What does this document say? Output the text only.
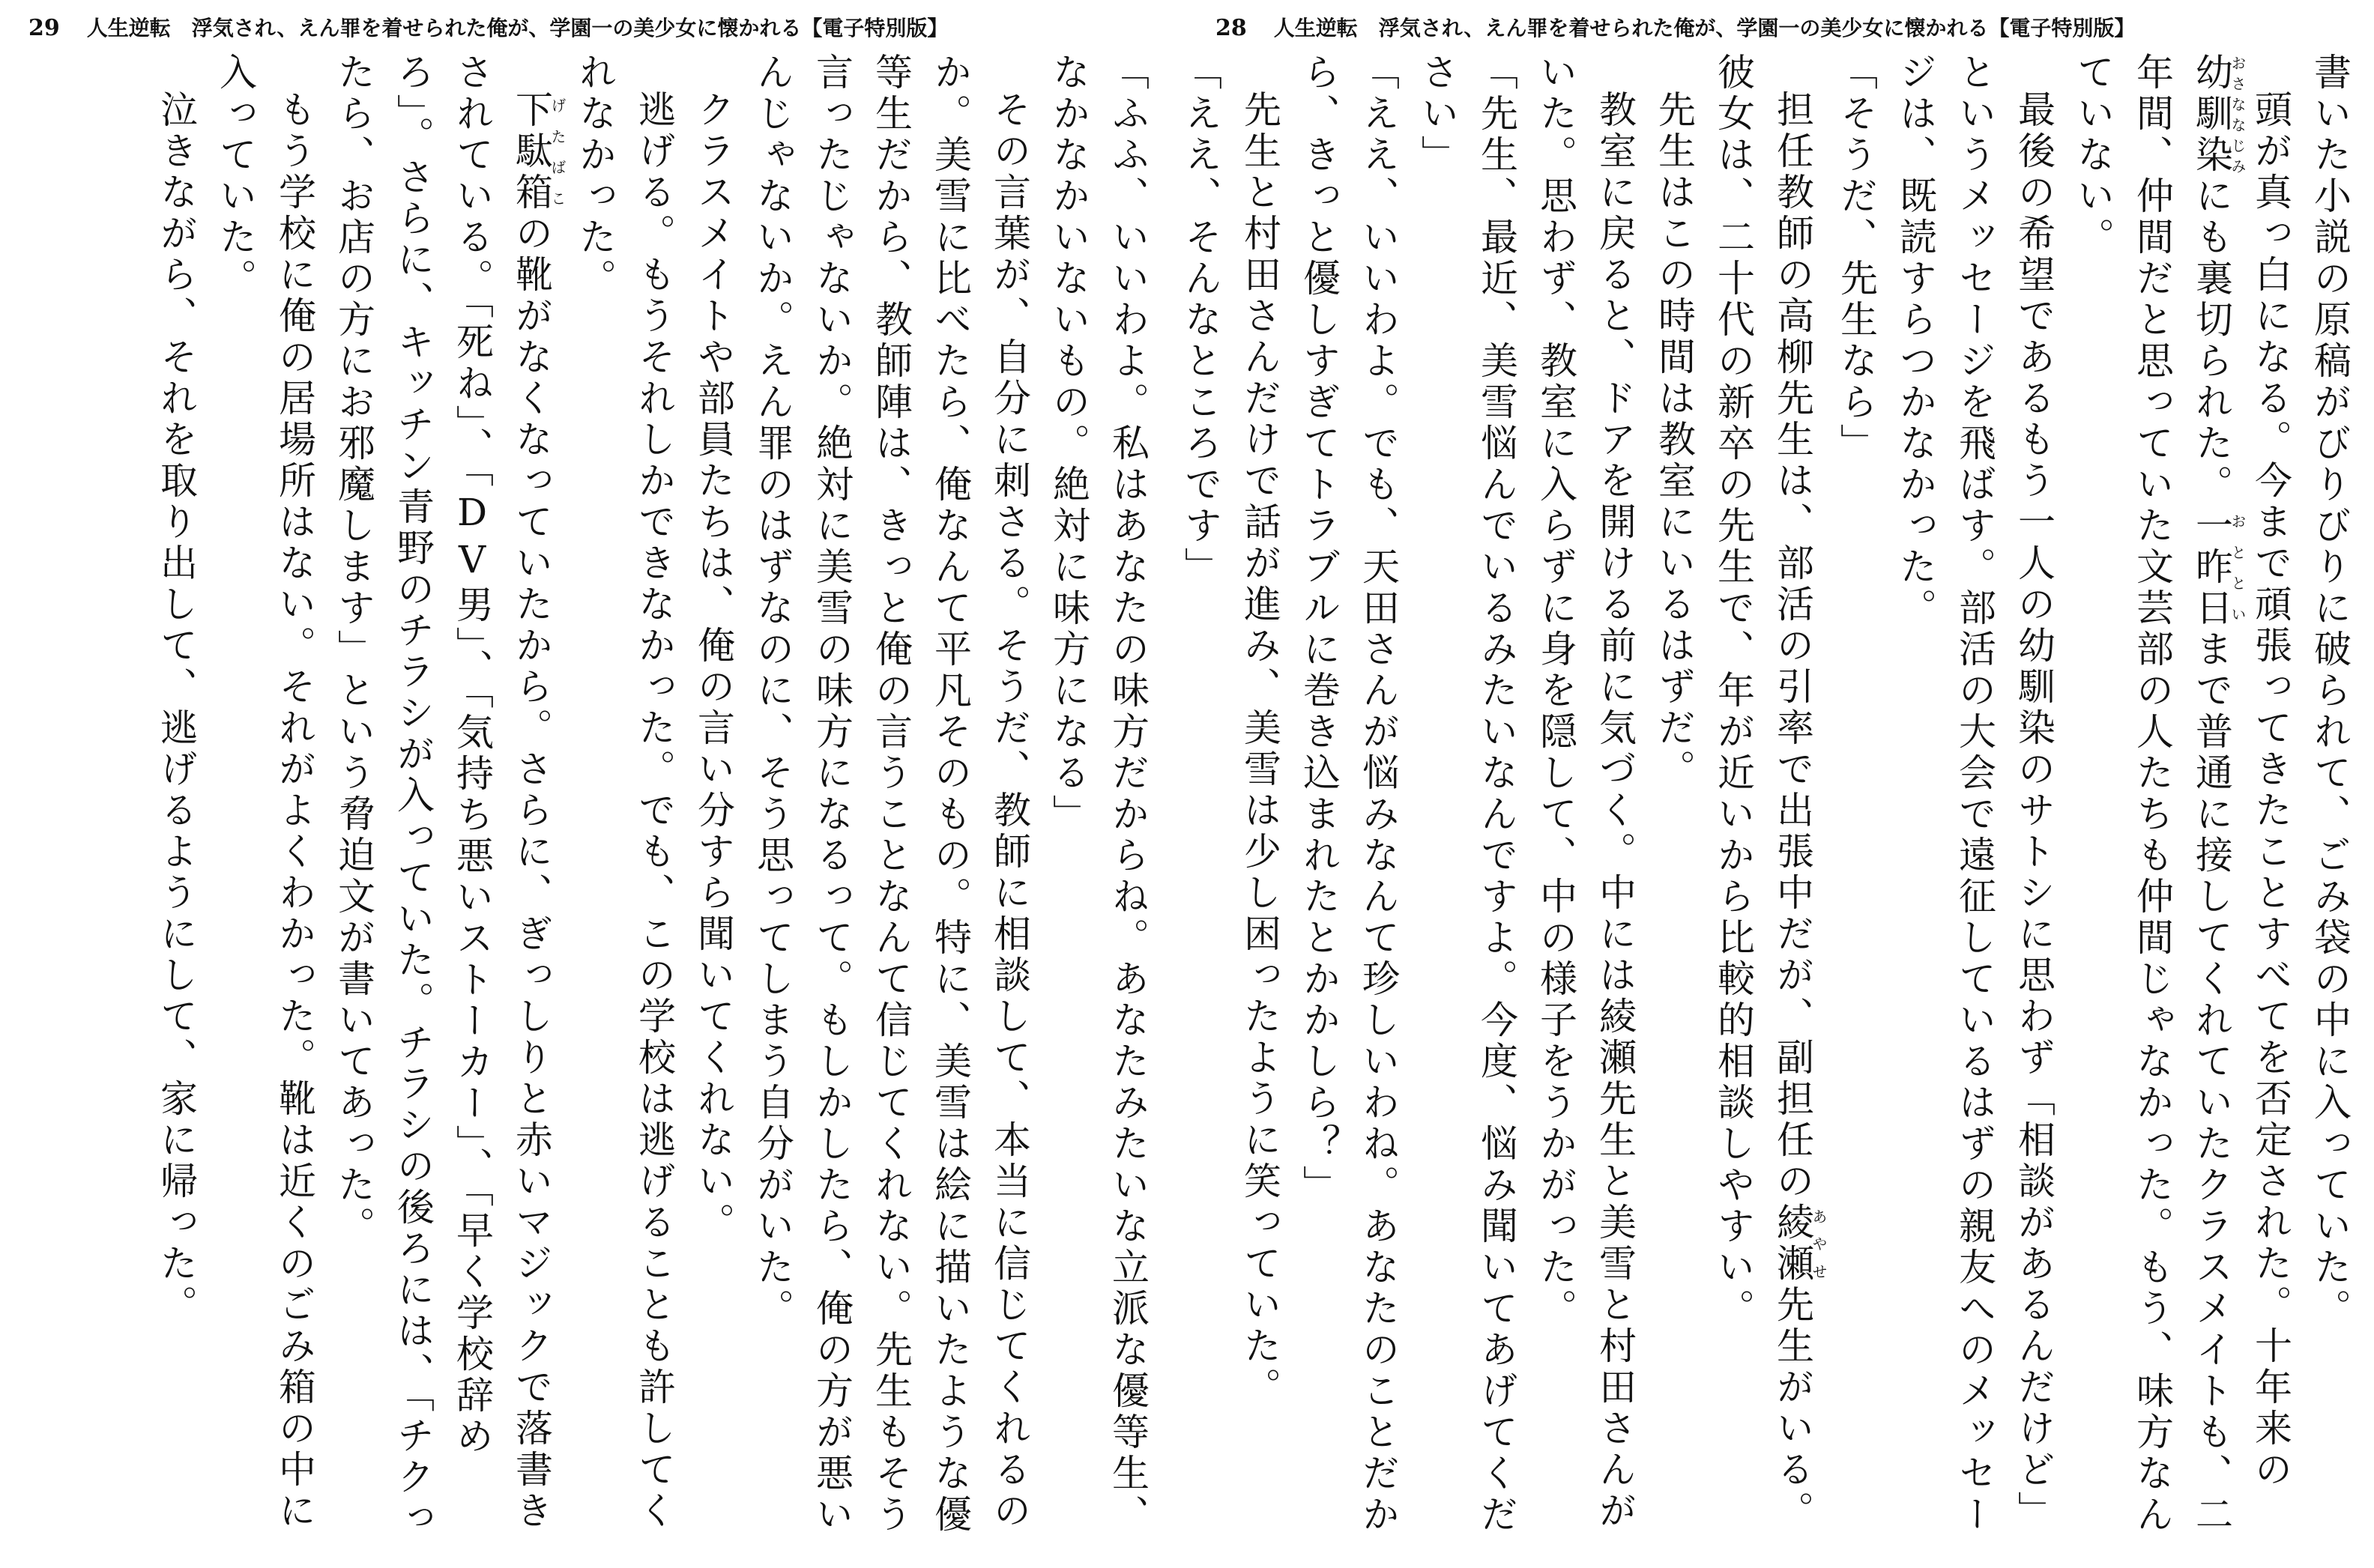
29 人生逆転　浮気され、えん罪を着せられた俺が、学園一の美少女に懐かれる【電子特別版】

「ふふ、いいわよ。私はあなたの味方だからね。あなたみたいな立派な優等生、なかなかいないもの。絶対に味方になる」

その言葉が、自分に刺さる。そうだ、教師に相談して、本当に信じてくれるのか。美雪に比べたら、俺なんて平凡そのもの。特に、美雪は絵に描いたような優等生だから、教師陣は、きっと俺の言うことなんて信じてくれない。先生もそう言ったじゃないか。絶対に美雪の味方になるって。もしかしたら、俺の方が悪いんじゃないか。えん罪のはずなのに、そう思ってしまう自分がいた。

クラスメイトや部員たちは、俺の言い分すら聞いてくれない。

逃げる。もうそれしかできなかった。でも、この学校は逃げることも許してくれなかった。

下駄箱げたばこの靴がなくなっていたから。さらに、ぎっしりと赤いマジックで落書きされている。「死ね」、「DV男」、「気持ち悪いストーカー」、「早く学校辞めろ」。さらに、キッチン青野のチラシが入っていた。チラシの後ろには、「チクったら、お店の方にお邪魔します」という脅迫文が書いてあった。

もう学校に俺の居場所はない。それがよくわかった。靴は近くのごみ箱の中に入っていた。

泣きながら、それを取り出して、逃げるようにして、家に帰った。

28 人生逆転　浮気され、えん罪を着せられた俺が、学園一の美少女に懐かれる【電子特別版】

書いた小説の原稿がびりびりに破られて、ごみ袋の中に入っていた。

頭が真っ白になる。今まで頑張ってきたことすべてを否定された。十年来の幼馴染おさななじみにも裏切られた。一昨日おとといまで普通に接してくれていたクラスメイトも、二年間、仲間だと思っていた文芸部の人たちも仲間じゃなかった。もう、味方なんていない。

最後の希望であるもう一人の幼馴染のサトシに思わず「相談があるんだけど」というメッセージを飛ばす。部活の大会で遠征しているはずの親友へのメッセージは、既読すらつかなかった。

「そうだ、先生なら」

担任教師の高柳先生は、部活の引率で出張中だが、副担任の綾瀬あやせ先生がいる。彼女は、二十代の新卒の先生で、年が近いから比較的相談しやすい。

先生はこの時間は教室にいるはずだ。

教室に戻ると、ドアを開ける前に気づく。中には綾瀬先生と美雪と村田さんがいた。思わず、教室に入らずに身を隠して、中の様子をうかがった。

「先生、最近、美雪悩んでいるみたいなんですよ。今度、悩み聞いてあげてください」

「ええ、いいわよ。でも、天田さんが悩みなんて珍しいわね。あなたのことだから、きっと優しすぎてトラブルに巻き込まれたとかかしら？」

先生と村田さんだけで話が進み、美雪は少し困ったように笑っていた。

「ええ、そんなところです」
